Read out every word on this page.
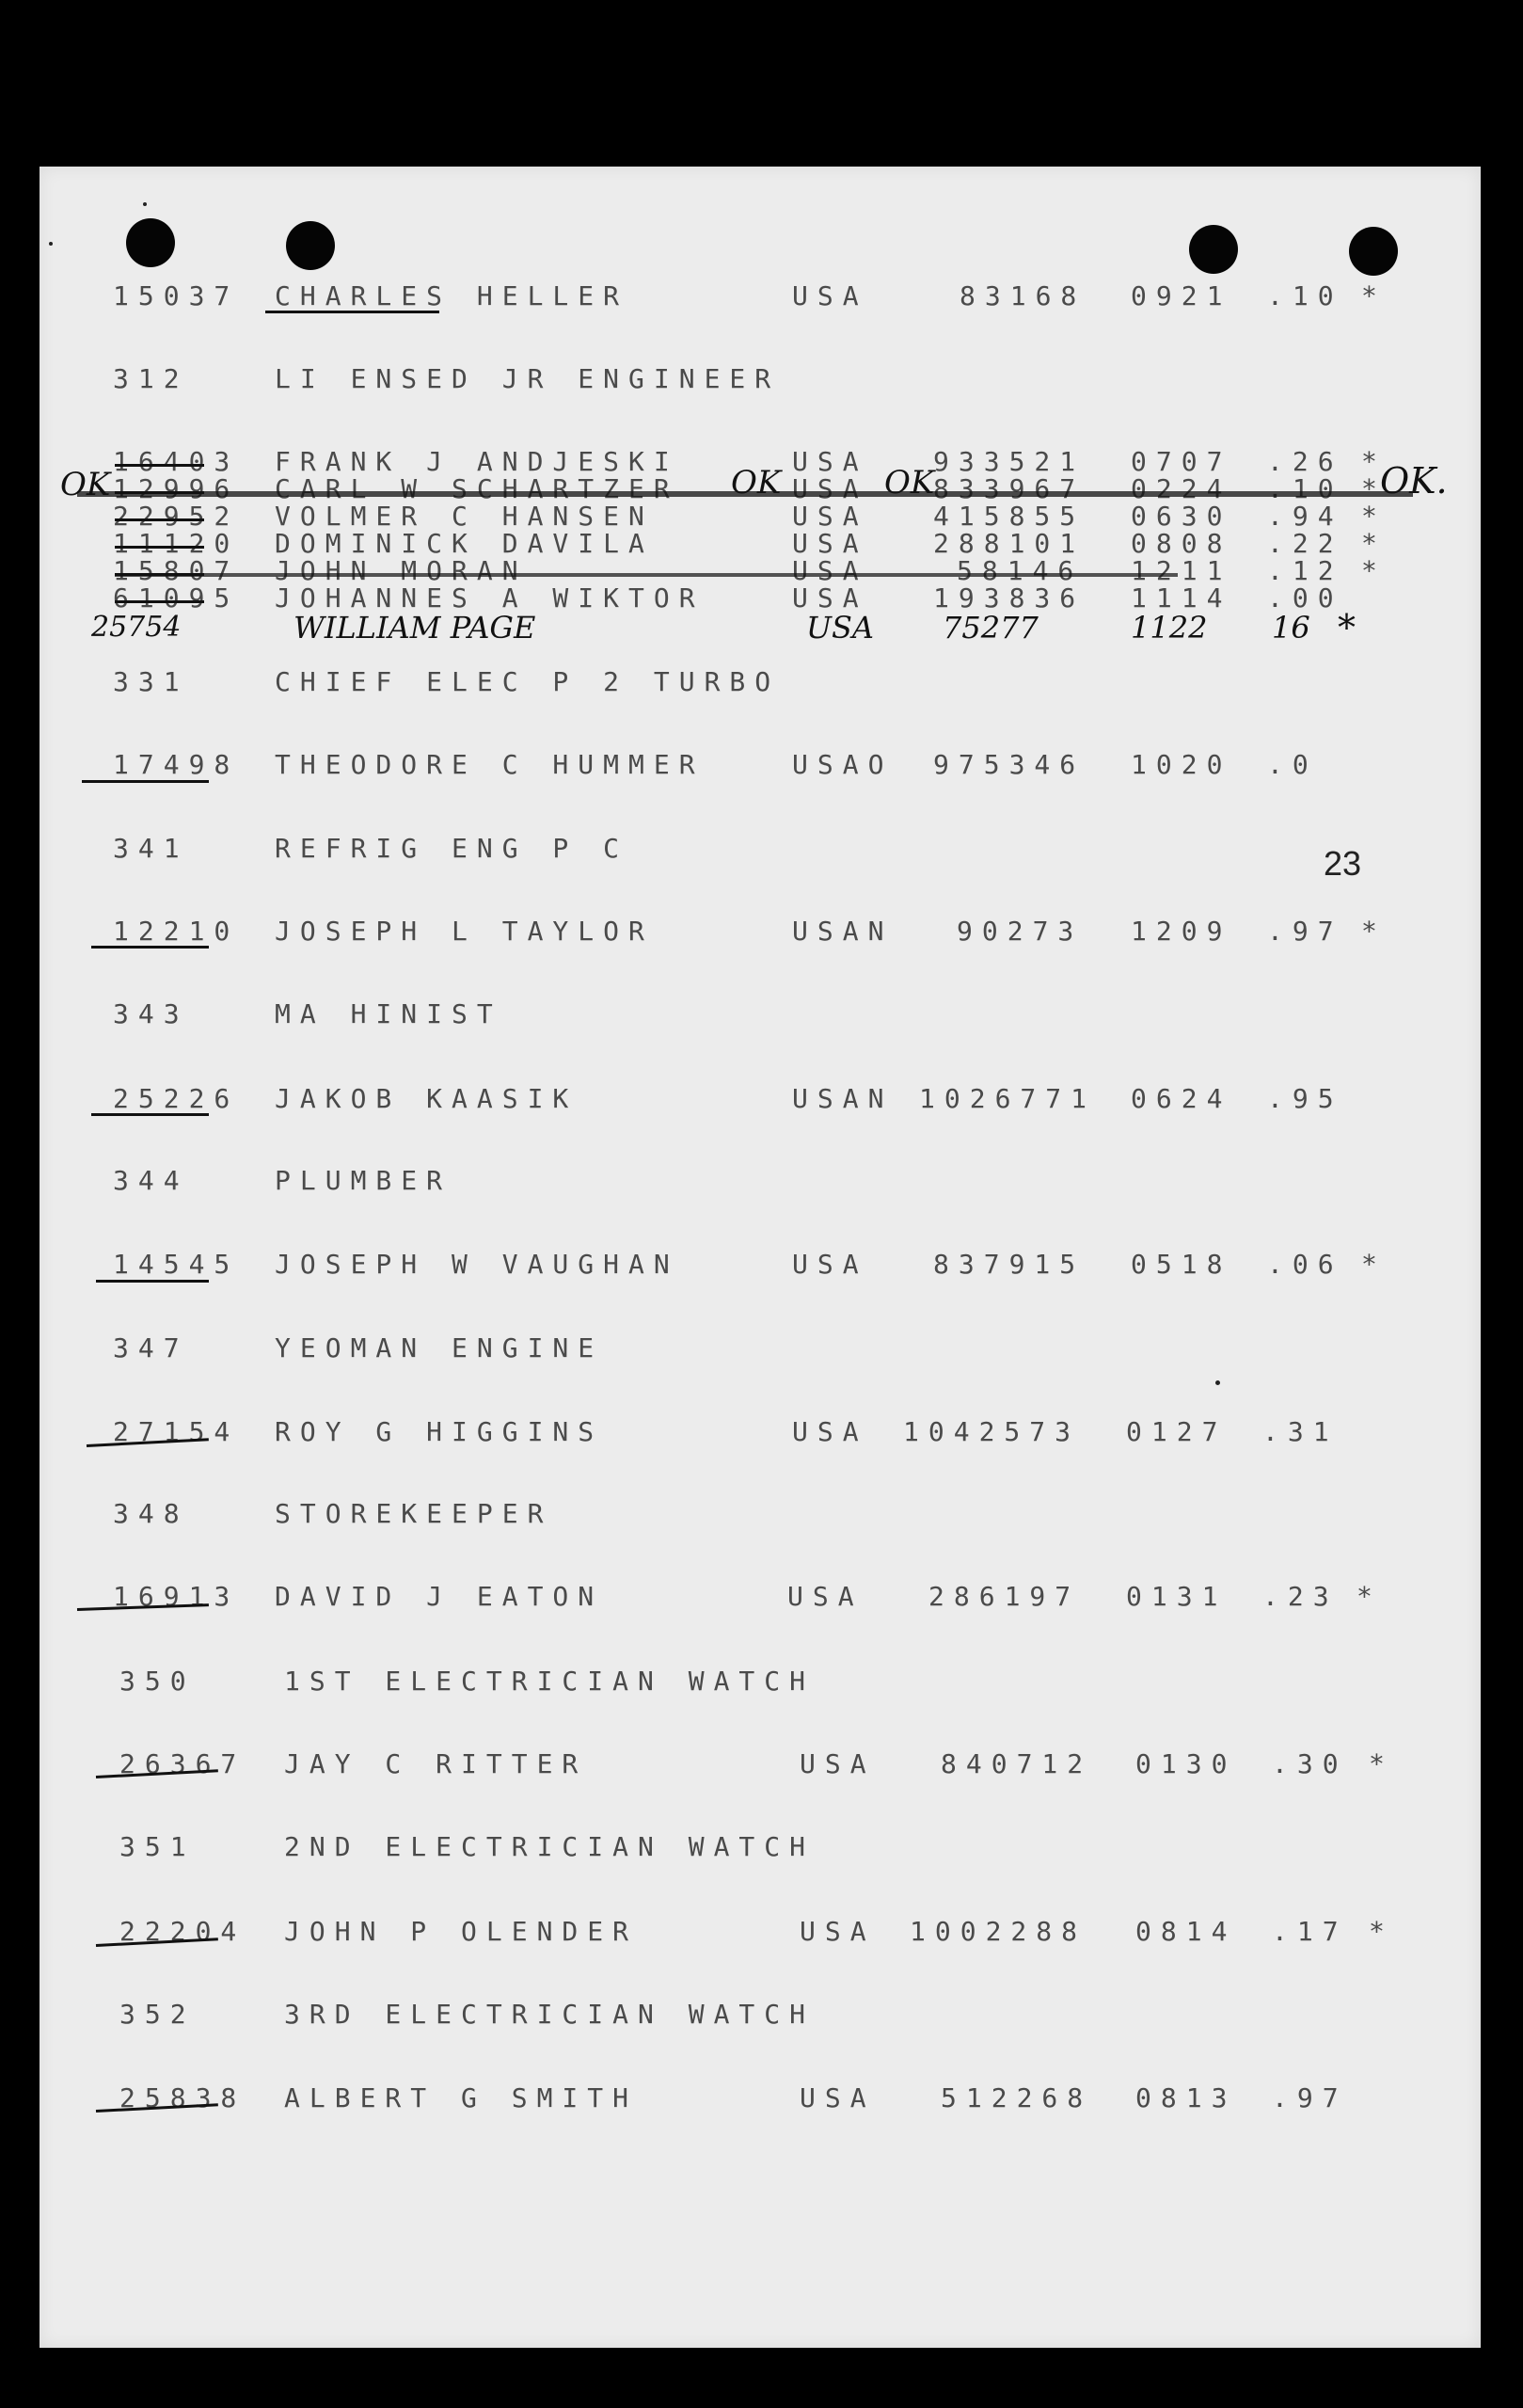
23
15037 CHARLES HELLER	USA	83168 0921 .10 *
312	LI ENSED JR ENGINEER
16403 FRANK J ANDJESKI	USA 933521 0707 .26 *
12996 CARL W SCHARTZER	USA 833967 0224 .10 *
22952 VOLMER C HANSEN	USA 415855 0630 .94 *
11120 DOMINICK DAVILA	USA 288101 0808 .22 *
15807 JOHN MORAN	USA	58146 1211 .12 *
61095 JOHANNES A WIKTOR	USA 193836 1114 .00
OK	OK	OK	OK.
25754	WILLIAM PAGE	USA 75277	1122 16 *
331	CHIEF ELEC P 2 TURBO
17498 THEODORE C HUMMER	USAO 975346 1020 .0
341	REFRIG ENG P C
12210 JOSEPH L TAYLOR	USAN 90273 1209 .97 *
343	MA HINIST
25226 JAKOB KAASIK	USAN 1026771 0624 .95
344	PLUMBER
14545 JOSEPH W VAUGHAN	USA 837915 0518 .06 *
347	YEOMAN ENGINE
27154 ROY G HIGGINS	USA 1042573 0127 .31
348	STOREKEEPER
16913 DAVID J EATON	USA 286197 0131 .23 *
350	1ST ELECTRICIAN WATCH
26367 JAY C RITTER	USA 840712 0130 .30 *
351	2ND ELECTRICIAN WATCH
22204 JOHN P OLENDER	USA 1002288 0814 .17 *
352	3RD ELECTRICIAN WATCH
25838 ALBERT G SMITH	USA 512268 0813 .97
